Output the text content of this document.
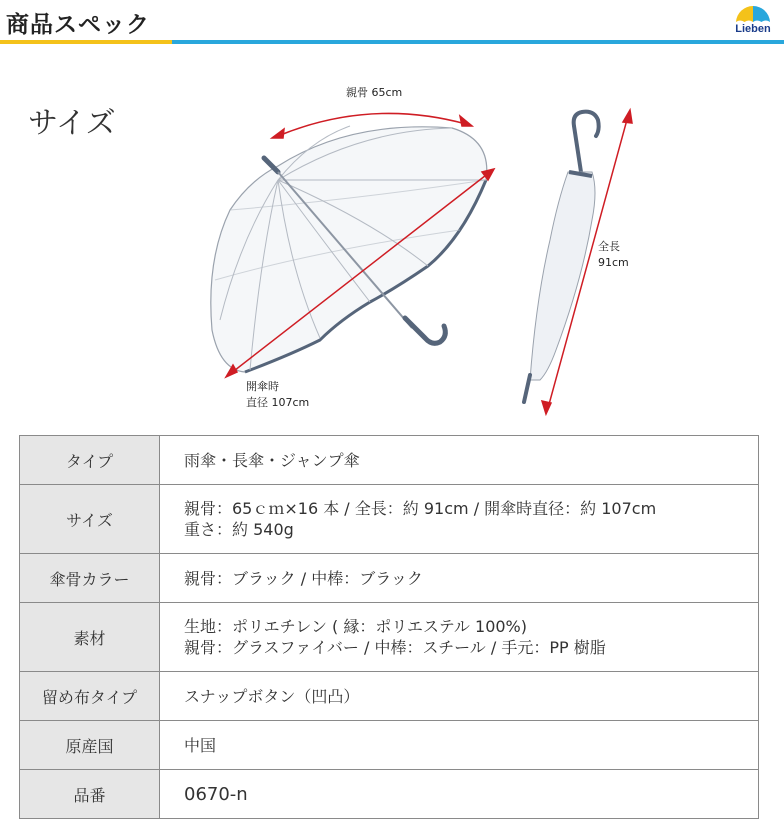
商品スペック	Lieben
サイズ
親骨 65cm
開傘時
直径 107cm
全長
91cm
タイプ	雨傘・長傘・ジャンプ傘

サイズ	親骨：65ｃｍ×16 本 / 全長：約 91cm / 開傘時直径：約 107cm
重さ：約 540g

傘骨カラー	親骨：ブラック / 中棒：ブラック

素材	生地：ポリエチレン ( 縁：ポリエステル 100%)
親骨：グラスファイバー / 中棒：スチール / 手元：PP 樹脂

留め布タイプ	スナップボタン（凹凸）

原産国	中国

品番	0670-n
